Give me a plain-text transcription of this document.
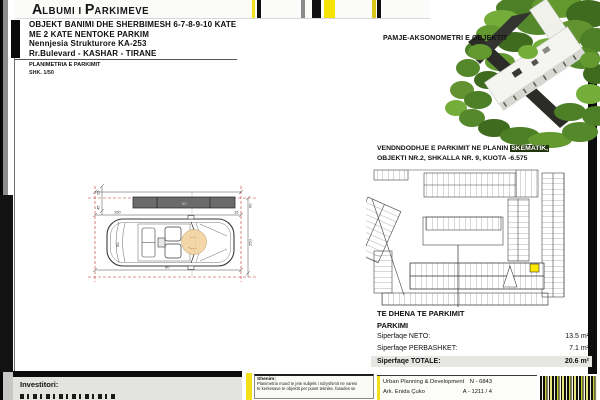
A LBUMI I P ARKIMEVE
OBJEKT BANIMI DHE SHERBIMESH 6-7-8-9-10 KATE
ME 2 KATE NENTOKE PARKIM
Nennjesia Strukturore KA-253
Rr.Bulevard - KASHAR - TIRANE
PLANIMETRIA E PARKIMIT
SHK. 1/50
PAMJE-AKSONOMETRI E OBJEKTIT
VENDNDODHJE E PARKIMIT NE PLANIN SKEMATIK,
OBJEKTI NR.2, SHKALLA NR. 9, KUOTA -6.575
60
25
45
150	15
50
60
250
60
TE DHENA TE PARKIMIT
PARKIMI
Siperfaqe NETO:	13.5 m²
Siperfaqe PERBASHKET:	7.1 m²
Siperfaqe TOTALE:	20.6 m²
Investitori:
Shenim:
Planimetria mund te jete subjekt i ndryshimit ne varesi
te kerkesave te objektit per puset teknike, fasades se
Urban Planning & Development
Ark. Enida Çuko
N - 6843
A - 1211 / 4
